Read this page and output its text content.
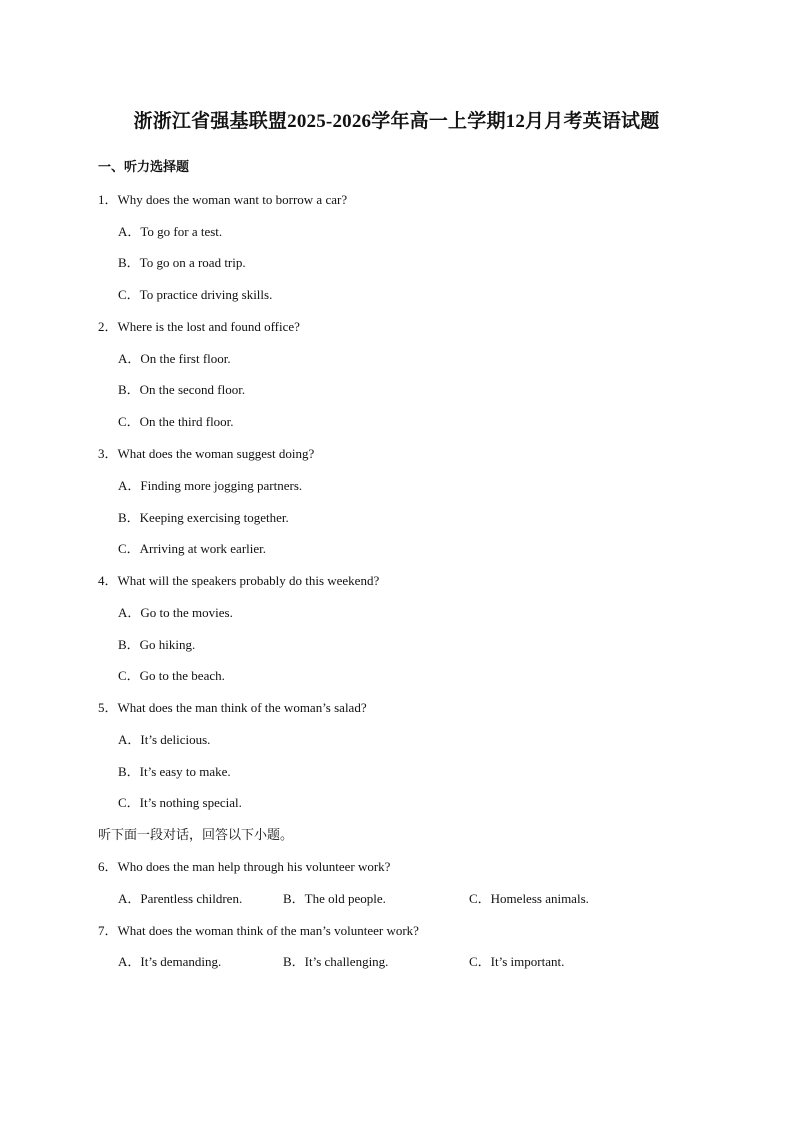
浙浙江省强基联盟2025-2026学年高一上学期12月月考英语试题
一、听力选择题
1．Why does the woman want to borrow a car?
A．To go for a test.
B．To go on a road trip.
C．To practice driving skills.
2．Where is the lost and found office?
A．On the first floor.
B．On the second floor.
C．On the third floor.
3．What does the woman suggest doing?
A．Finding more jogging partners.
B．Keeping exercising together.
C．Arriving at work earlier.
4．What will the speakers probably do this weekend?
A．Go to the movies.
B．Go hiking.
C．Go to the beach.
5．What does the man think of the woman’s salad?
A．It’s delicious.
B．It’s easy to make.
C．It’s nothing special.
听下面一段对话，回答以下小题。
6．Who does the man help through his volunteer work?
A．Parentless children.	B．The old people.	C．Homeless animals.
7．What does the woman think of the man’s volunteer work?
A．It’s demanding.	B．It’s challenging.	C．It’s important.
